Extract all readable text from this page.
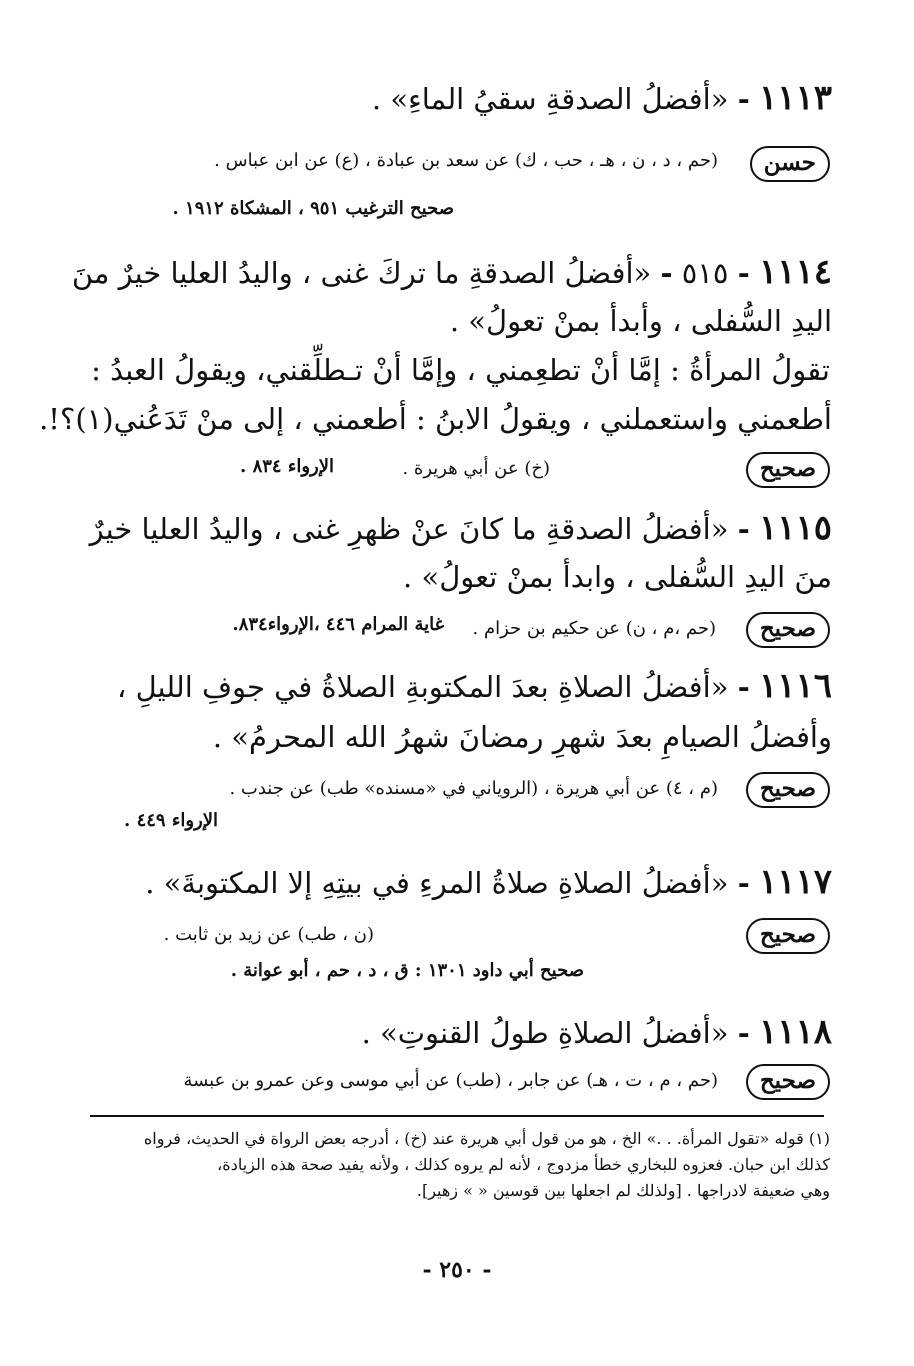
١١١٣ - «أفضلُ الصدقةِ سقيُ الماءِ» .
حسن
(حم ، د ، ن ، هـ ، حب ، ك) عن سعد بن عبادة ، (ع) عن ابن عباس .
صحيح الترغيب ٩٥١ ، المشكاة ١٩١٢ .
١١١٤ - ٥١٥ - «أفضلُ الصدقةِ ما تركَ غنى ، واليدُ العليا خيرٌ منَ
اليدِ السُّفلى ، وأبدأ بمنْ تعولُ» .
تقولُ المرأةُ : إمَّا أنْ تطعِمني ، وإمَّا أنْ تـطلِّقني، ويقولُ العبدُ :
أطعمني واستعملني ، ويقولُ الابنُ : أطعمني ، إلى منْ تَدَعُني(١)؟!.
صحيح
(خ) عن أبي هريرة .
الإرواء ٨٣٤ .
١١١٥ - «أفضلُ الصدقةِ ما كانَ عنْ ظهرِ غنى ، واليدُ العليا خيرٌ
منَ اليدِ السُّفلى ، وابدأ بمنْ تعولُ» .
صحيح
(حم ،م ، ن) عن حكيم بن حزام .
غاية المرام ٤٤٦ ،الإرواء٨٣٤.
١١١٦ - «أفضلُ الصلاةِ بعدَ المكتوبةِ الصلاةُ في جوفِ الليلِ ،
وأفضلُ الصيامِ بعدَ شهرِ رمضانَ شهرُ الله المحرمُ» .
صحيح
(م ، ٤) عن أبي هريرة ، (الروياني في «مسنده» طب) عن جندب .
الإرواء ٤٤٩ .
١١١٧ - «أفضلُ الصلاةِ صلاةُ المرءِ في بيتِهِ إلا المكتوبةَ» .
صحيح
(ن ، طب) عن زيد بن ثابت .
صحيح أبي داود ١٣٠١ : ق ، د ، حم ، أبو عوانة .
١١١٨ - «أفضلُ الصلاةِ طولُ القنوتِ» .
صحيح
(حم ، م ، ت ، هـ) عن جابر ، (طب) عن أبي موسى وعن عمرو بن عبسة
(١) قوله «تقول المرأة. . .» الخ ، هو من قول أبي هريرة عند (خ) ، أدرجه بعض الرواة في الحديث، فرواه
كذلك ابن حبان. فعزوه للبخاري خطأ مزدوج ، لأنه لم يروه كذلك ، ولأنه يفيد صحة هذه الزيادة،
وهي ضعيفة لادراجها . [ولذلك لم اجعلها بين قوسين « » زهير].
- ٢٥٠ -
